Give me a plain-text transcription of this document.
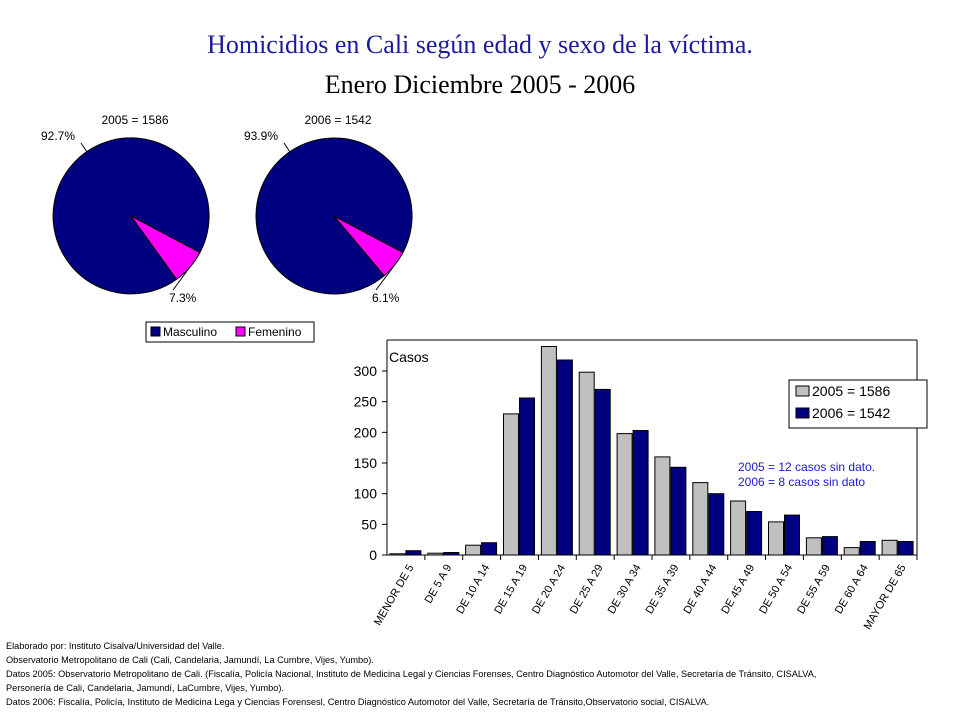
Homicidios en Cali según edad y sexo de la víctima.
Enero Diciembre 2005 - 2006
2005 = 1586
92.7%
7.3%
2006 = 1542
93.9%
6.1%
Masculino	Femenino
0
50
100
150
200
250
300
Casos
MENOR DE 5 DE 5 A 9 DE 10 A 14 DE 15 A 19 DE 20 A 24 DE 25 A 29 DE 30 A 34 DE 35 A 39 DE 40 A 44 DE 45 A 49 DE 50 A 54 DE 55 A 59 DE 60 A 64
MAYOR DE 65
2005 = 1586
2006 = 1542
2005 = 12 casos sin dato.
2006 = 8 casos sin dato
Elaborado por: Instituto Cisalva/Universidad del Valle.
Observatorio Metropolitano de Cali (Cali, Candelaria, Jamundí, La Cumbre, Vijes, Yumbo).
Datos 2005: Observatorio Metropolitano de Cali. (Fiscalía, Policía Nacional, Instituto de Medicina Legal y Ciencias Forenses, Centro Diagnóstico Automotor del Valle, Secretaría de Tránsito, CISALVA,
Personería de Cali, Candelaria, Jamundí, LaCumbre, Vijes, Yumbo).
Datos 2006: Fiscalía, Policía, Instituto de Medicina Lega y Ciencias Forensesl, Centro Diagnóstico Automotor del Valle, Secretaría de Tránsito,Observatorio social, CISALVA.
